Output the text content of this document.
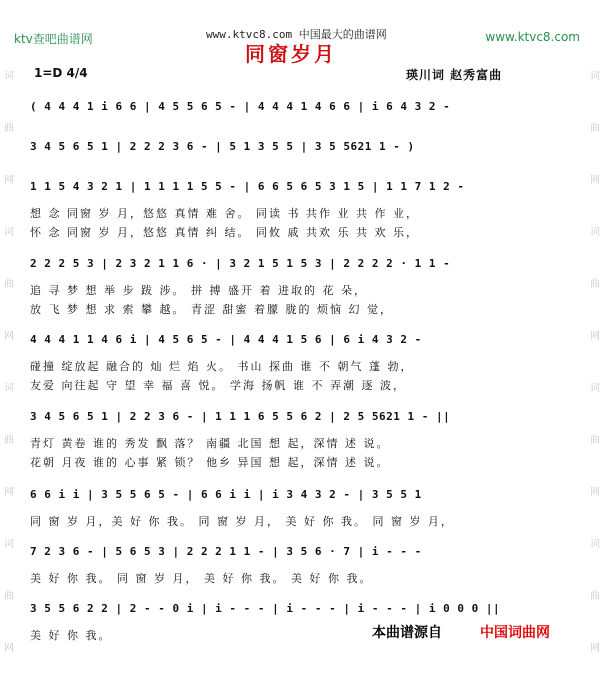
ktv查吧曲谱网	www.ktvc8.com 中国最大的曲谱网	www.ktvc8.com
同窗岁月
1=D 4/4	瑛川词 赵秀富曲
词
曲
网
词
曲
网
词
曲
网
词
曲
网
词
曲
网
词
曲
网
词
曲
网
词
曲
网
( 4 4 4 1 i 6 6 | 4 5 5 6 5 - | 4 4 4 1 4 6 6 | i 6 4 3 2 -
3 4 5 6 5 1 | 2 2 2 3 6 - | 5 1 3 5 5 | 3 5 5621 1 - )
1 1 5 4 3 2 1 | 1 1 1 1 5 5 - | 6 6 5 6 5 3 1 5 | 1 1 7 1 2 -
想 念 同窗 岁 月，悠悠 真情 难 舍。 同读 书 共作 业 共 作 业，
怀 念 同窗 岁 月，悠悠 真情 纠 结。 同攸 戚 共欢 乐 共 欢 乐，
2 2 2 5 3 | 2 3 2 1 1 6 · | 3 2 1 5 1 5 3 | 2 2 2 2 · 1 1 -
追 寻 梦 想 举 步 跋 涉。 拼 搏 盛开 着 进取的 花 朵，
放 飞 梦 想 求 索 攀 越。 青涩 甜蜜 着朦 胧的 烦恼 幻 觉，
4 4 4 1 1 4 6 i | 4 5 6 5 - | 4 4 4 1 5 6 | 6 i 4 3 2 -
碰撞 绽放起 融合的 灿 烂 焰 火。 书山 探曲 谁 不 朝气 蓬 勃，
友爱 向往起 守 望 幸 福 喜 悦。 学海 扬帆 谁 不 弄潮 逐 波，
3 4 5 6 5 1 | 2 2 3 6 - | 1 1 1 6 5 5 6 2 | 2 5 5621 1 - ||
青灯 黄卷 谁的 秀发 飘 落？ 南疆 北国 想 起，深情 述 说。
花朝 月夜 谁的 心事 紧 锁？ 他乡 异国 想 起，深情 述 说。
6 6 i i | 3 5 5 6 5 - | 6 6 i i | i 3 4 3 2 - | 3 5 5 1
同 窗 岁 月，美 好 你 我。 同 窗 岁 月， 美 好 你 我。 同 窗 岁 月，
7 2 3 6 - | 5 6 5 3 | 2 2 2 1 1 - | 3 5 6 · 7 | i - - -
美 好 你 我。 同 窗 岁 月， 美 好 你 我。 美 好 你 我。
3 5 5 6 2 2 | 2 - - 0 i | i - - - | i - - - | i - - - | i 0 0 0 ||
美 好 你 我。	本曲谱源自	中国词曲网
